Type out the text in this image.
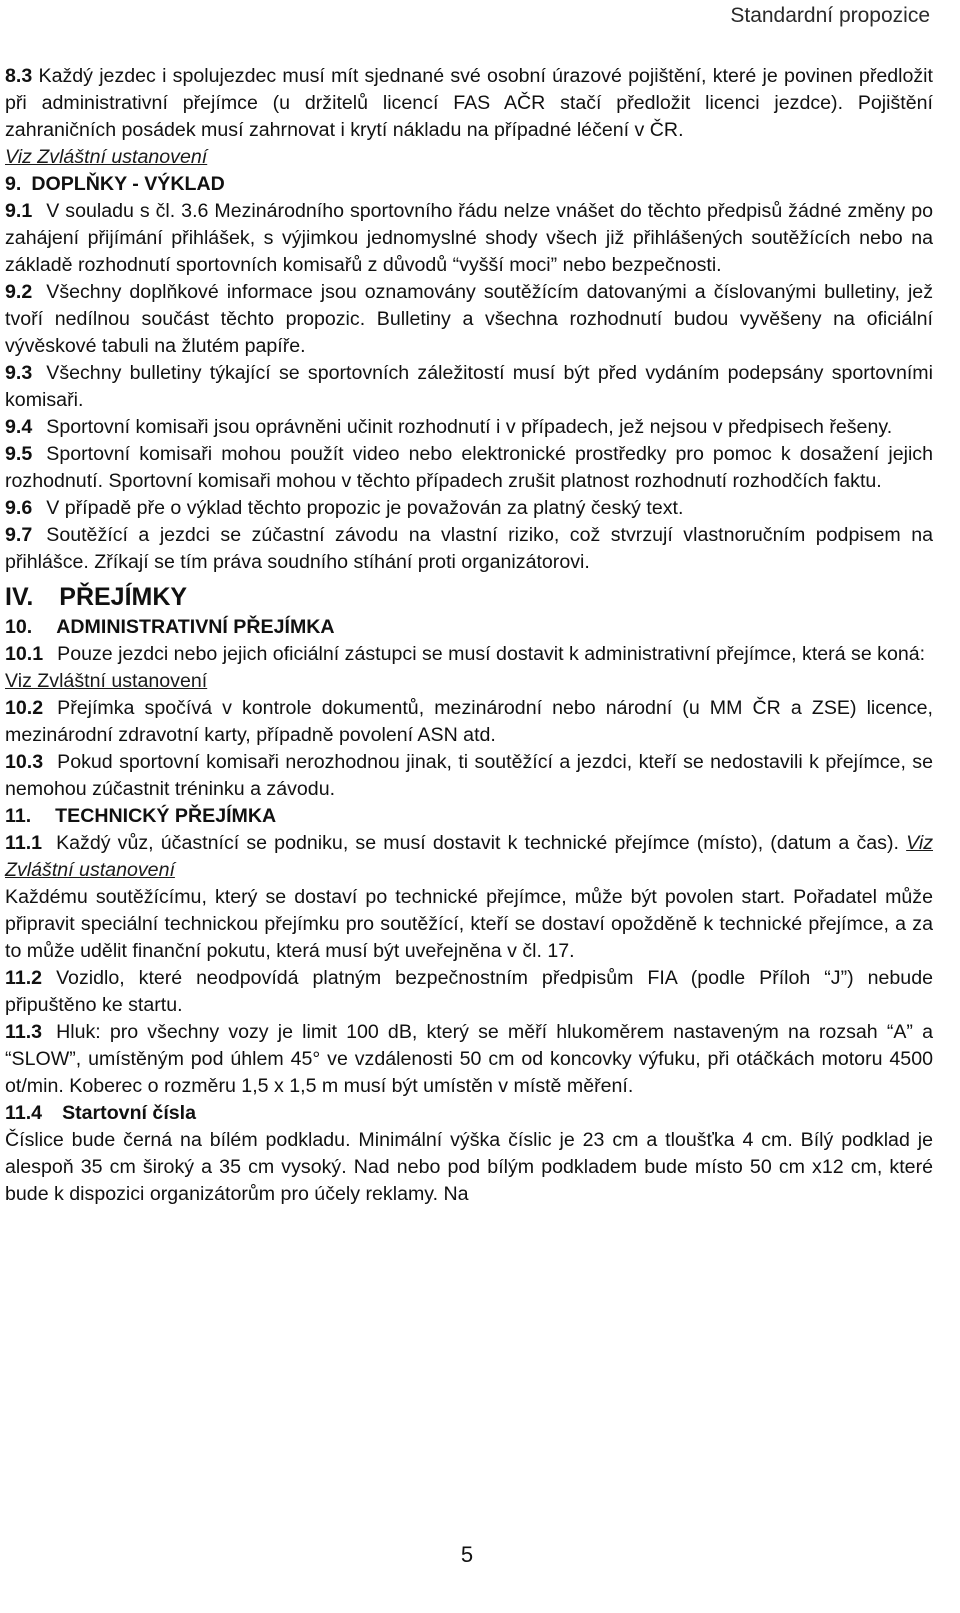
Standardní propozice

8.3 Každý jezdec i spolujezdec musí mít sjednané své osobní úrazové pojištění, které je povinen předložit při administrativní přejímce (u držitelů licencí FAS AČR stačí předložit licenci jezdce). Pojištění zahraničních posádek musí zahrnovat i krytí nákladu na případné léčení v ČR.

Viz Zvláštní ustanovení

9. DOPLŇKY - VÝKLAD

9.1 V souladu s čl. 3.6 Mezinárodního sportovního řádu nelze vnášet do těchto předpisů žádné změny po zahájení přijímání přihlášek, s výjimkou jednomyslné shody všech již přihlášených soutěžících nebo na základě rozhodnutí sportovních komisařů z důvodů “vyšší moci” nebo bezpečnosti.

9.2 Všechny doplňkové informace jsou oznamovány soutěžícím datovanými a číslovanými bulletiny, jež tvoří nedílnou součást těchto propozic. Bulletiny a všechna rozhodnutí budou vyvěšeny na oficiální vývěskové tabuli na žlutém papíře.

9.3 Všechny bulletiny týkající se sportovních záležitostí musí být před vydáním podepsány sportovními komisaři.

9.4 Sportovní komisaři jsou oprávněni učinit rozhodnutí i v případech, jež nejsou v předpisech řešeny.

9.5 Sportovní komisaři mohou použít video nebo elektronické prostředky pro pomoc k dosažení jejich rozhodnutí. Sportovní komisaři mohou v těchto případech zrušit platnost rozhodnutí rozhodčích faktu.

9.6 V případě pře o výklad těchto propozic je považován za platný český text.

9.7 Soutěžící a jezdci se zúčastní závodu na vlastní riziko, což stvrzují vlastnoručním podpisem na přihlášce. Zříkají se tím práva soudního stíhání proti organizátorovi.

IV. PŘEJÍMKY

10. ADMINISTRATIVNÍ PŘEJÍMKA

10.1 Pouze jezdci nebo jejich oficiální zástupci se musí dostavit k administrativní přejímce, která se koná:

Viz Zvláštní ustanovení

10.2 Přejímka spočívá v kontrole dokumentů, mezinárodní nebo národní (u MM ČR a ZSE) licence, mezinárodní zdravotní karty, případně povolení ASN atd.

10.3 Pokud sportovní komisaři nerozhodnou jinak, ti soutěžící a jezdci, kteří se nedostavili k přejímce, se nemohou zúčastnit tréninku a závodu.

11. TECHNICKÝ PŘEJÍMKA

11.1 Každý vůz, účastnící se podniku, se musí dostavit k technické přejímce (místo), (datum a čas). Viz Zvláštní ustanovení

Každému soutěžícímu, který se dostaví po technické přejímce, může být povolen start. Pořadatel může připravit speciální technickou přejímku pro soutěžící, kteří se dostaví opožděně k technické přejímce, a za to může udělit finanční pokutu, která musí být uveřejněna v čl. 17.

11.2 Vozidlo, které neodpovídá platným bezpečnostním předpisům FIA (podle Příloh “J”) nebude připuštěno ke startu.

11.3 Hluk: pro všechny vozy je limit 100 dB, který se měří hlukoměrem nastaveným na rozsah “A” a “SLOW”, umístěným pod úhlem 45° ve vzdálenosti 50 cm od koncovky výfuku, při otáčkách motoru 4500 ot/min. Koberec o rozměru 1,5 x 1,5 m musí být umístěn v místě měření.

11.4 Startovní čísla

Číslice bude černá na bílém podkladu. Minimální výška číslic je 23 cm a tloušťka 4 cm. Bílý podklad je alespoň 35 cm široký a 35 cm vysoký. Nad nebo pod bílým podkladem bude místo 50 cm x12 cm, které bude k dispozici organizátorům pro účely reklamy. Na

5
